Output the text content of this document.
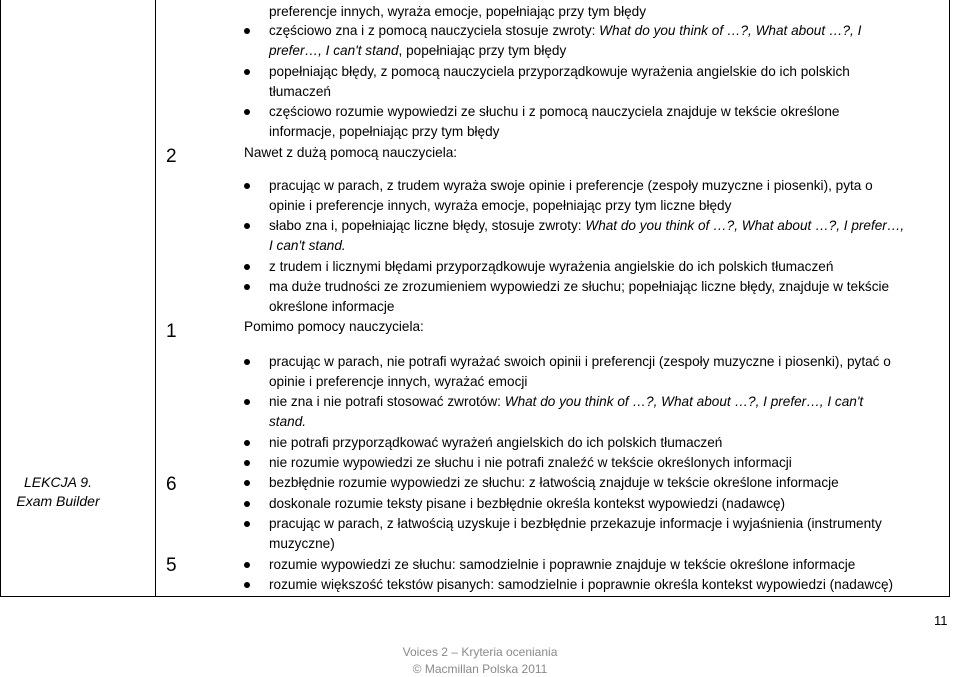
LEKCJA 9.
Exam Builder
preferencje innych, wyraża emocje, popełniając przy tym błędy
częściowo zna i z pomocą nauczyciela stosuje zwroty: What do you think of …?, What about …?, I
prefer…, I can't stand, popełniając przy tym błędy
popełniając błędy, z pomocą nauczyciela przyporządkowuje wyrażenia angielskie do ich polskich
tłumaczeń
częściowo rozumie wypowiedzi ze słuchu i z pomocą nauczyciela znajduje w tekście określone
informacje, popełniając przy tym błędy
2	Nawet z dużą pomocą nauczyciela:
pracując w parach, z trudem wyraża swoje opinie i preferencje (zespoły muzyczne i piosenki), pyta o
opinie i preferencje innych, wyraża emocje, popełniając przy tym liczne błędy
słabo zna i, popełniając liczne błędy, stosuje zwroty: What do you think of …?, What about …?, I prefer…,
I can't stand.
z trudem i licznymi błędami przyporządkowuje wyrażenia angielskie do ich polskich tłumaczeń
ma duże trudności ze zrozumieniem wypowiedzi ze słuchu; popełniając liczne błędy, znajduje w tekście
określone informacje
1	Pomimo pomocy nauczyciela:
pracując w parach, nie potrafi wyrażać swoich opinii i preferencji (zespoły muzyczne i piosenki), pytać o
opinie i preferencje innych, wyrażać emocji
nie zna i nie potrafi stosować zwrotów: What do you think of …?, What about …?, I prefer…, I can't
stand.
nie potrafi przyporządkować wyrażeń angielskich do ich polskich tłumaczeń
nie rozumie wypowiedzi ze słuchu i nie potrafi znaleźć w tekście określonych informacji
6	bezbłędnie rozumie wypowiedzi ze słuchu: z łatwością znajduje w tekście określone informacje
doskonale rozumie teksty pisane i bezbłędnie określa kontekst wypowiedzi (nadawcę)
pracując w parach, z łatwością uzyskuje i bezbłędnie przekazuje informacje i wyjaśnienia (instrumenty
muzyczne)
5	rozumie wypowiedzi ze słuchu: samodzielnie i poprawnie znajduje w tekście określone informacje
rozumie większość tekstów pisanych: samodzielnie i poprawnie określa kontekst wypowiedzi (nadawcę)
11
Voices 2 – Kryteria oceniania
© Macmillan Polska 2011
